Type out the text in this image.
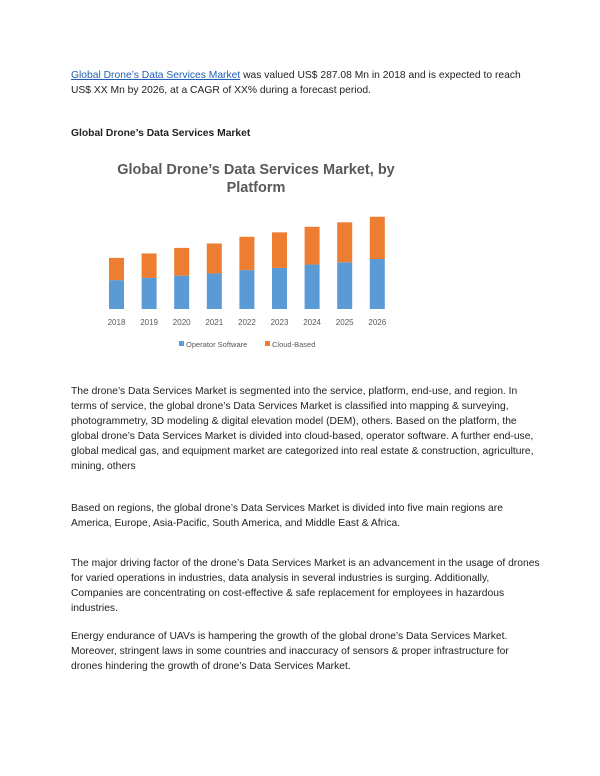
Global Drone’s Data Services Market was valued US$ 287.08 Mn in 2018 and is expected to reach US$ XX Mn by 2026, at a CAGR of XX% during a forecast period.

Global Drone’s Data Services Market

Global Drone’s Data Services Market, by
Platform
2018 2019 2020 2021 2022 2023 2024 2025 2026
Operator Software	Cloud-Based

The drone’s Data Services Market is segmented into the service, platform, end-use, and region. In terms of service, the global drone’s Data Services Market is classified into mapping & surveying, photogrammetry, 3D modeling & digital elevation model (DEM), others. Based on the platform, the global drone’s Data Services Market is divided into cloud-based, operator software. A further end-use, global medical gas, and equipment market are categorized into real estate & construction, agriculture, mining, others

Based on regions, the global drone’s Data Services Market is divided into five main regions are America, Europe, Asia-Pacific, South America, and Middle East & Africa.

The major driving factor of the drone’s Data Services Market is an advancement in the usage of drones for varied operations in industries, data analysis in several industries is surging. Additionally, Companies are concentrating on cost-effective & safe replacement for employees in hazardous industries.

Energy endurance of UAVs is hampering the growth of the global drone’s Data Services Market. Moreover, stringent laws in some countries and inaccuracy of sensors & proper infrastructure for drones hindering the growth of drone’s Data Services Market.
